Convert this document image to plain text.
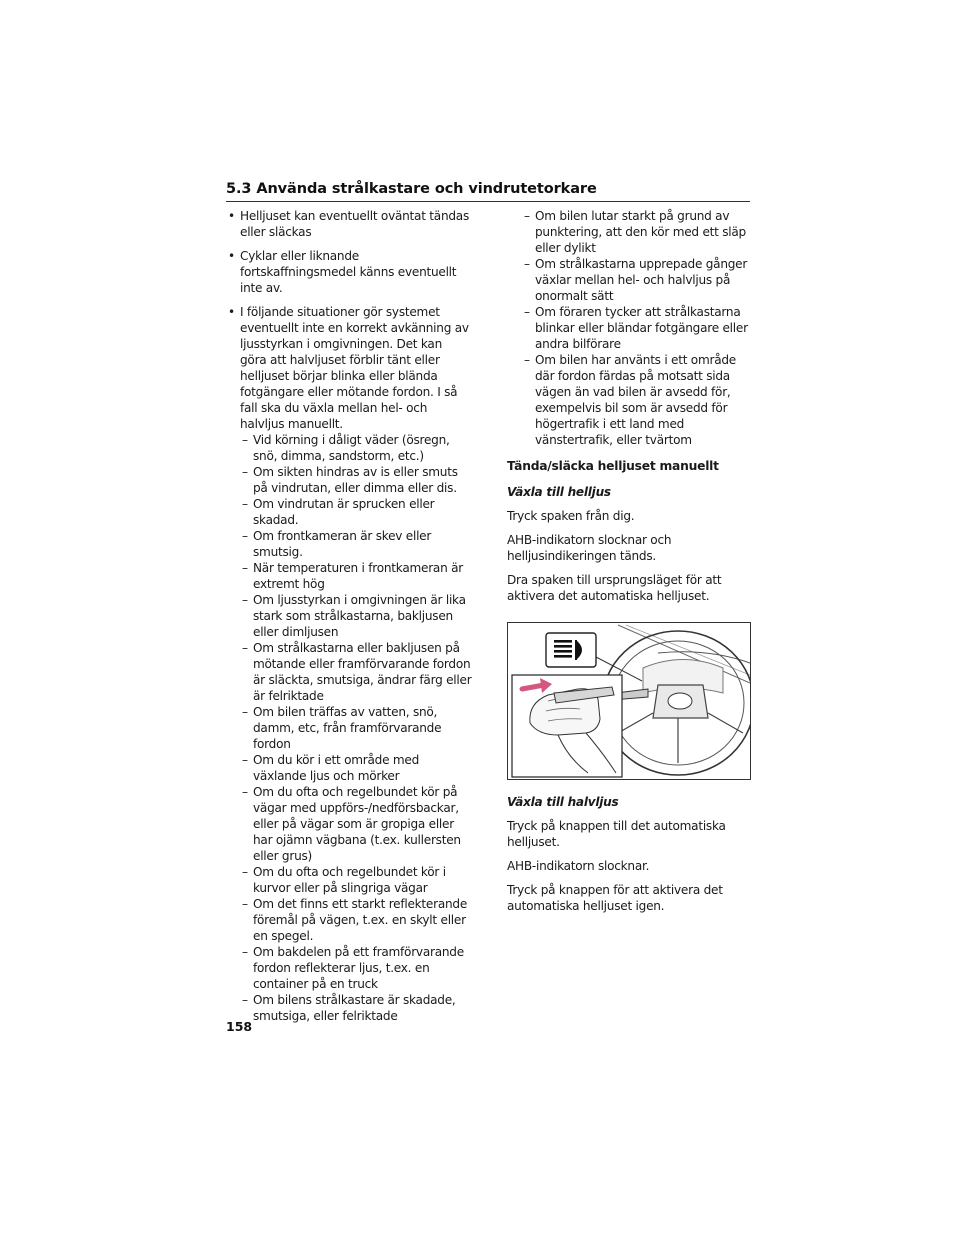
5.3 Använda strålkastare och vindrutetorkare
• Helljuset kan eventuellt oväntat tändas eller släckas
• Cyklar eller liknande fortskaffningsmedel känns eventuellt inte av.
• I följande situationer gör systemet eventuellt inte en korrekt avkänning av ljusstyrkan i omgivningen. Det kan göra att halvljuset förblir tänt eller helljuset börjar blinka eller blända fotgängare eller mötande fordon. I så fall ska du växla mellan hel- och halvljus manuellt.
– Vid körning i dåligt väder (ösregn, snö, dimma, sandstorm, etc.)
– Om sikten hindras av is eller smuts på vindrutan, eller dimma eller dis.
– Om vindrutan är sprucken eller skadad.
– Om frontkameran är skev eller smutsig.
– När temperaturen i frontkameran är extremt hög
– Om ljusstyrkan i omgivningen är lika stark som strålkastarna, bakljusen eller dimljusen
– Om strålkastarna eller bakljusen på mötande eller framförvarande fordon är släckta, smutsiga, ändrar färg eller är felriktade
– Om bilen träffas av vatten, snö, damm, etc, från framförvarande fordon
– Om du kör i ett område med växlande ljus och mörker
– Om du ofta och regelbundet kör på vägar med uppförs-/nedförsbackar, eller på vägar som är gropiga eller har ojämn vägbana (t.ex. kullersten eller grus)
– Om du ofta och regelbundet kör i kurvor eller på slingriga vägar
– Om det finns ett starkt reflekterande föremål på vägen, t.ex. en skylt eller en spegel.
– Om bakdelen på ett framförvarande fordon reflekterar ljus, t.ex. en container på en truck
– Om bilens strålkastare är skadade, smutsiga, eller felriktade
– Om bilen lutar starkt på grund av punktering, att den kör med ett släp eller dylikt
– Om strålkastarna upprepade gånger växlar mellan hel- och halvljus på onormalt sätt
– Om föraren tycker att strålkastarna blinkar eller bländar fotgängare eller andra bilförare
– Om bilen har använts i ett område där fordon färdas på motsatt sida vägen än vad bilen är avsedd för, exempelvis bil som är avsedd för högertrafik i ett land med vänstertrafik, eller tvärtom
Tända/släcka helljuset manuellt
Växla till helljus
Tryck spaken från dig.
AHB-indikatorn slocknar och helljusindikeringen tänds.
Dra spaken till ursprungsläget för att aktivera det automatiska helljuset.
Växla till halvljus
Tryck på knappen till det automatiska helljuset.
AHB-indikatorn slocknar.
Tryck på knappen för att aktivera det automatiska helljuset igen.
158
